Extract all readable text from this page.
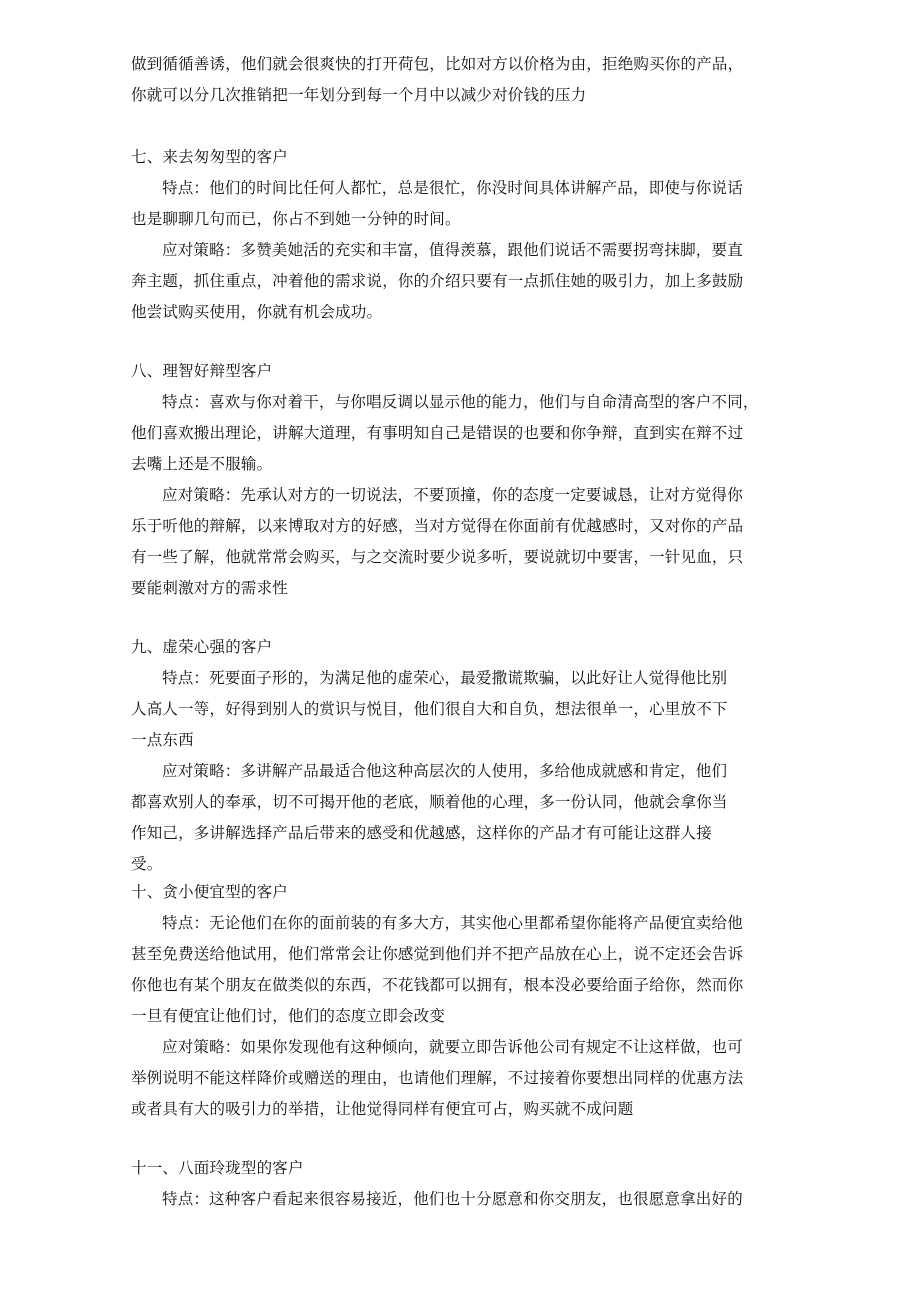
做到循循善诱，他们就会很爽快的打开荷包，比如对方以价格为由，拒绝购买你的产品，
你就可以分几次推销把一年划分到每一个月中以减少对价钱的压力
七、来去匆匆型的客户
特点：他们的时间比任何人都忙，总是很忙，你没时间具体讲解产品，即使与你说话
也是聊聊几句而已，你占不到她一分钟的时间。
应对策略：多赞美她活的充实和丰富，值得羡慕，跟他们说话不需要拐弯抹脚，要直
奔主题，抓住重点，冲着他的需求说，你的介绍只要有一点抓住她的吸引力，加上多鼓励
他尝试购买使用，你就有机会成功。
八、理智好辩型客户
特点：喜欢与你对着干，与你唱反调以显示他的能力，他们与自命清高型的客户不同，
他们喜欢搬出理论，讲解大道理，有事明知自己是错误的也要和你争辩，直到实在辩不过
去嘴上还是不服输。
应对策略：先承认对方的一切说法，不要顶撞，你的态度一定要诚恳，让对方觉得你
乐于听他的辩解，以来博取对方的好感，当对方觉得在你面前有优越感时，又对你的产品
有一些了解，他就常常会购买，与之交流时要少说多听，要说就切中要害，一针见血，只
要能刺激对方的需求性
九、虚荣心强的客户
特点：死要面子形的，为满足他的虚荣心，最爱撒谎欺骗，以此好让人觉得他比别
人高人一等，好得到别人的赏识与悦目，他们很自大和自负，想法很单一，心里放不下
一点东西
应对策略：多讲解产品最适合他这种高层次的人使用，多给他成就感和肯定，他们
都喜欢别人的奉承，切不可揭开他的老底，顺着他的心理，多一份认同，他就会拿你当
作知己，多讲解选择产品后带来的感受和优越感，这样你的产品才有可能让这群人接
受。
十、贪小便宜型的客户
特点：无论他们在你的面前装的有多大方，其实他心里都希望你能将产品便宜卖给他
甚至免费送给他试用，他们常常会让你感觉到他们并不把产品放在心上，说不定还会告诉
你他也有某个朋友在做类似的东西，不花钱都可以拥有，根本没必要给面子给你，然而你
一旦有便宜让他们讨，他们的态度立即会改变
应对策略：如果你发现他有这种倾向，就要立即告诉他公司有规定不让这样做，也可
举例说明不能这样降价或赠送的理由，也请他们理解，不过接着你要想出同样的优惠方法
或者具有大的吸引力的举措，让他觉得同样有便宜可占，购买就不成问题
十一、八面玲珑型的客户
特点：这种客户看起来很容易接近，他们也十分愿意和你交朋友，也很愿意拿出好的
